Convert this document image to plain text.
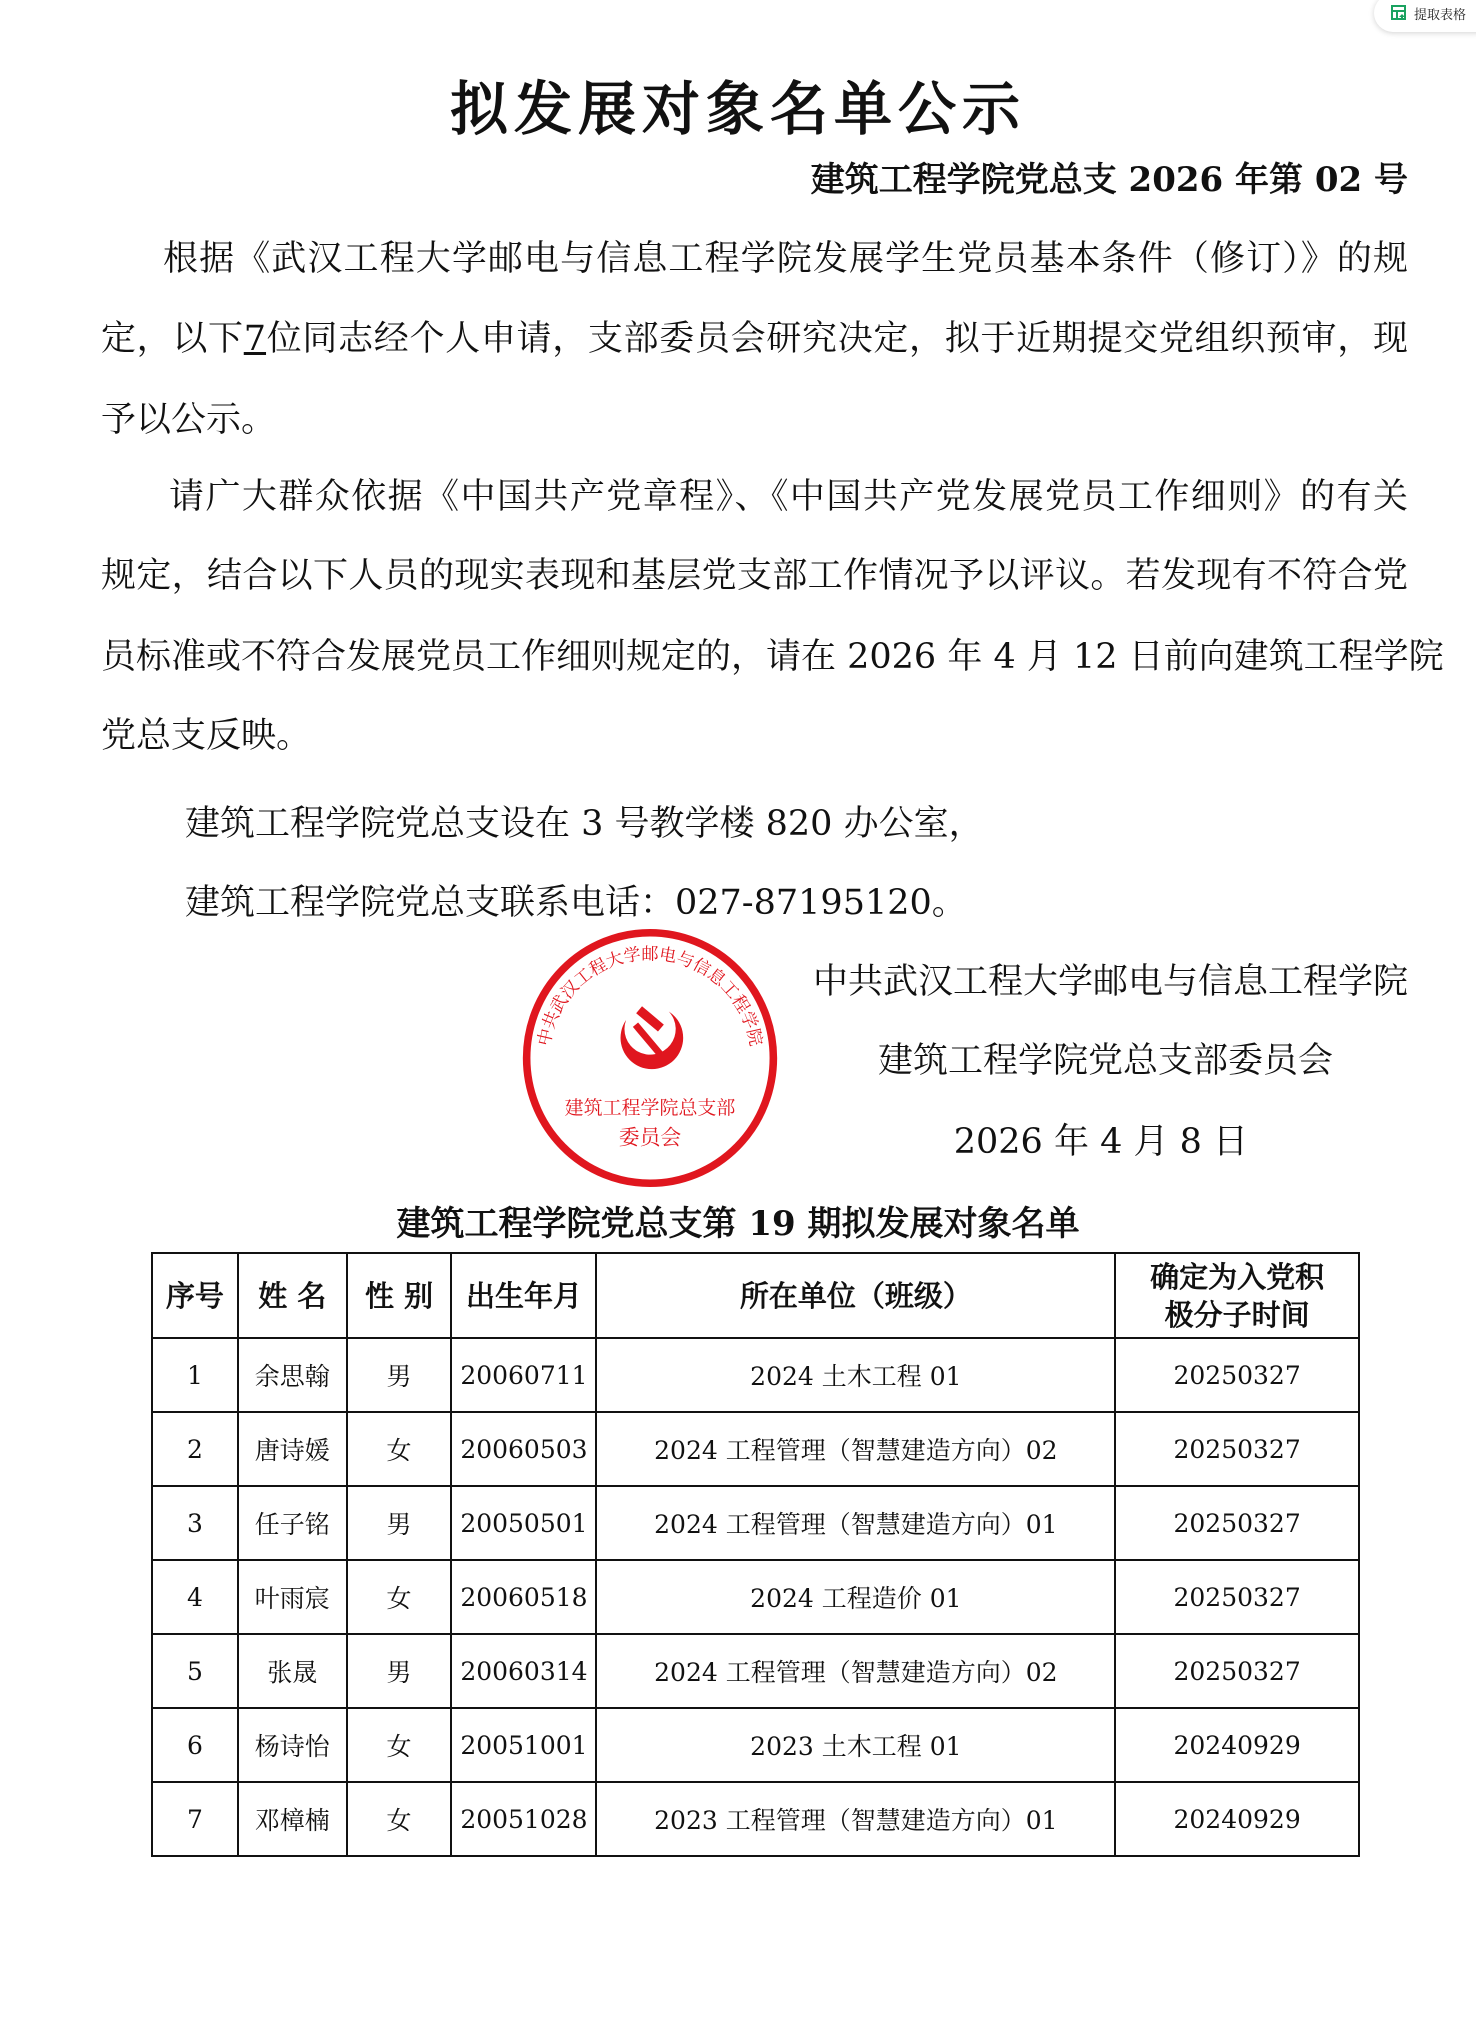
提取表格
拟发展对象名单公示
建筑工程学院党总支 2026 年第 02 号
根据《武汉工程大学邮电与信息工程学院发展学生党员基本条件（修订）》的规
定，以下7位同志经个人申请，支部委员会研究决定，拟于近期提交党组织预审，现
予以公示。
请广大群众依据《中国共产党章程》、《中国共产党发展党员工作细则》的有关
规定，结合以下人员的现实表现和基层党支部工作情况予以评议。若发现有不符合党
员标准或不符合发展党员工作细则规定的，请在 2026 年 4 月 12 日前向建筑工程学院
党总支反映。
建筑工程学院党总支设在 3 号教学楼 820 办公室，
建筑工程学院党总支联系电话：027-87195120。
中共武汉工程大学邮电与信息工程学院
建筑工程学院党总支部委员会
2026 年 4 月 8 日
中共武汉工程大学邮电与信息工程学院
建筑工程学院总支部
委员会
建筑工程学院党总支第 19 期拟发展对象名单
序号	姓 名	性 别	出生年月	所在单位（班级）	确定为入党积极分子时间
1	余思翰	男	20060711	2024 土木工程 01	20250327
2	唐诗媛	女	20060503	2024 工程管理（智慧建造方向）02	20250327
3	任子铭	男	20050501	2024 工程管理（智慧建造方向）01	20250327
4	叶雨宸	女	20060518	2024 工程造价 01	20250327
5	张晟	男	20060314	2024 工程管理（智慧建造方向）02	20250327
6	杨诗怡	女	20051001	2023 土木工程 01	20240929
7	邓樟楠	女	20051028	2023 工程管理（智慧建造方向）01	20240929
